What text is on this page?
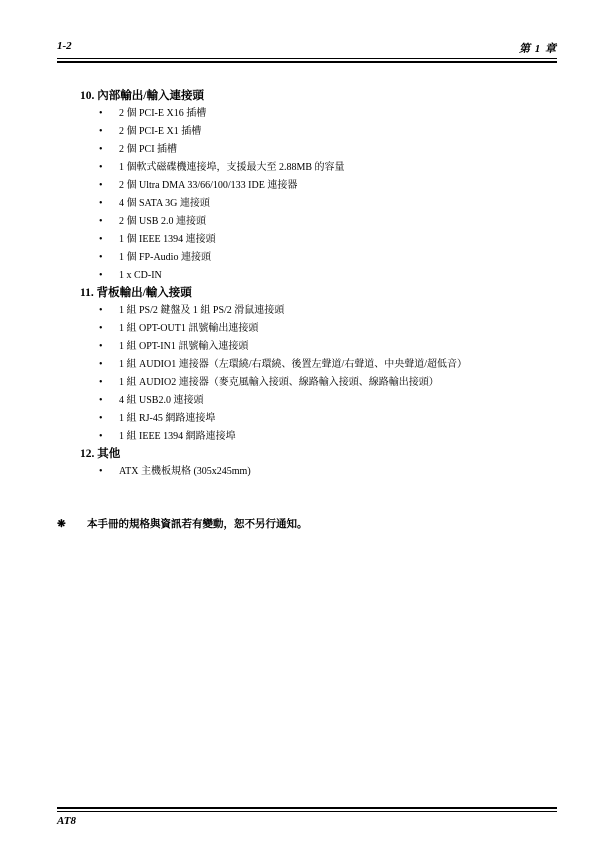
1-2	第 1 章
10. 內部輸出/輸入連接頭
• 2 個 PCI-E X16 插槽
• 2 個 PCI-E X1 插槽
• 2 個 PCI 插槽
• 1 個軟式磁碟機連接埠，支援最大至 2.88MB 的容量
• 2 個 Ultra DMA 33/66/100/133 IDE 連接器
• 4 個 SATA 3G 連接頭
• 2 個 USB 2.0 連接頭
• 1 個 IEEE 1394 連接頭
• 1 個 FP-Audio 連接頭
• 1 x CD-IN
11. 背板輸出/輸入接頭
• 1 組 PS/2 鍵盤及 1 組 PS/2 滑鼠連接頭
• 1 組 OPT-OUT1 訊號輸出連接頭
• 1 組 OPT-IN1 訊號輸入連接頭
• 1 組 AUDIO1 連接器（左環繞/右環繞、後置左聲道/右聲道、中央聲道/超低音）
• 1 組 AUDIO2 連接器（麥克風輸入接頭、線路輸入接頭、線路輸出接頭）
• 4 組 USB2.0 連接頭
• 1 組 RJ-45 網路連接埠
• 1 組 IEEE 1394 網路連接埠
12. 其他
• ATX 主機板規格 (305x245mm)
❋ 本手冊的規格與資訊若有變動，恕不另行通知。
AT8
